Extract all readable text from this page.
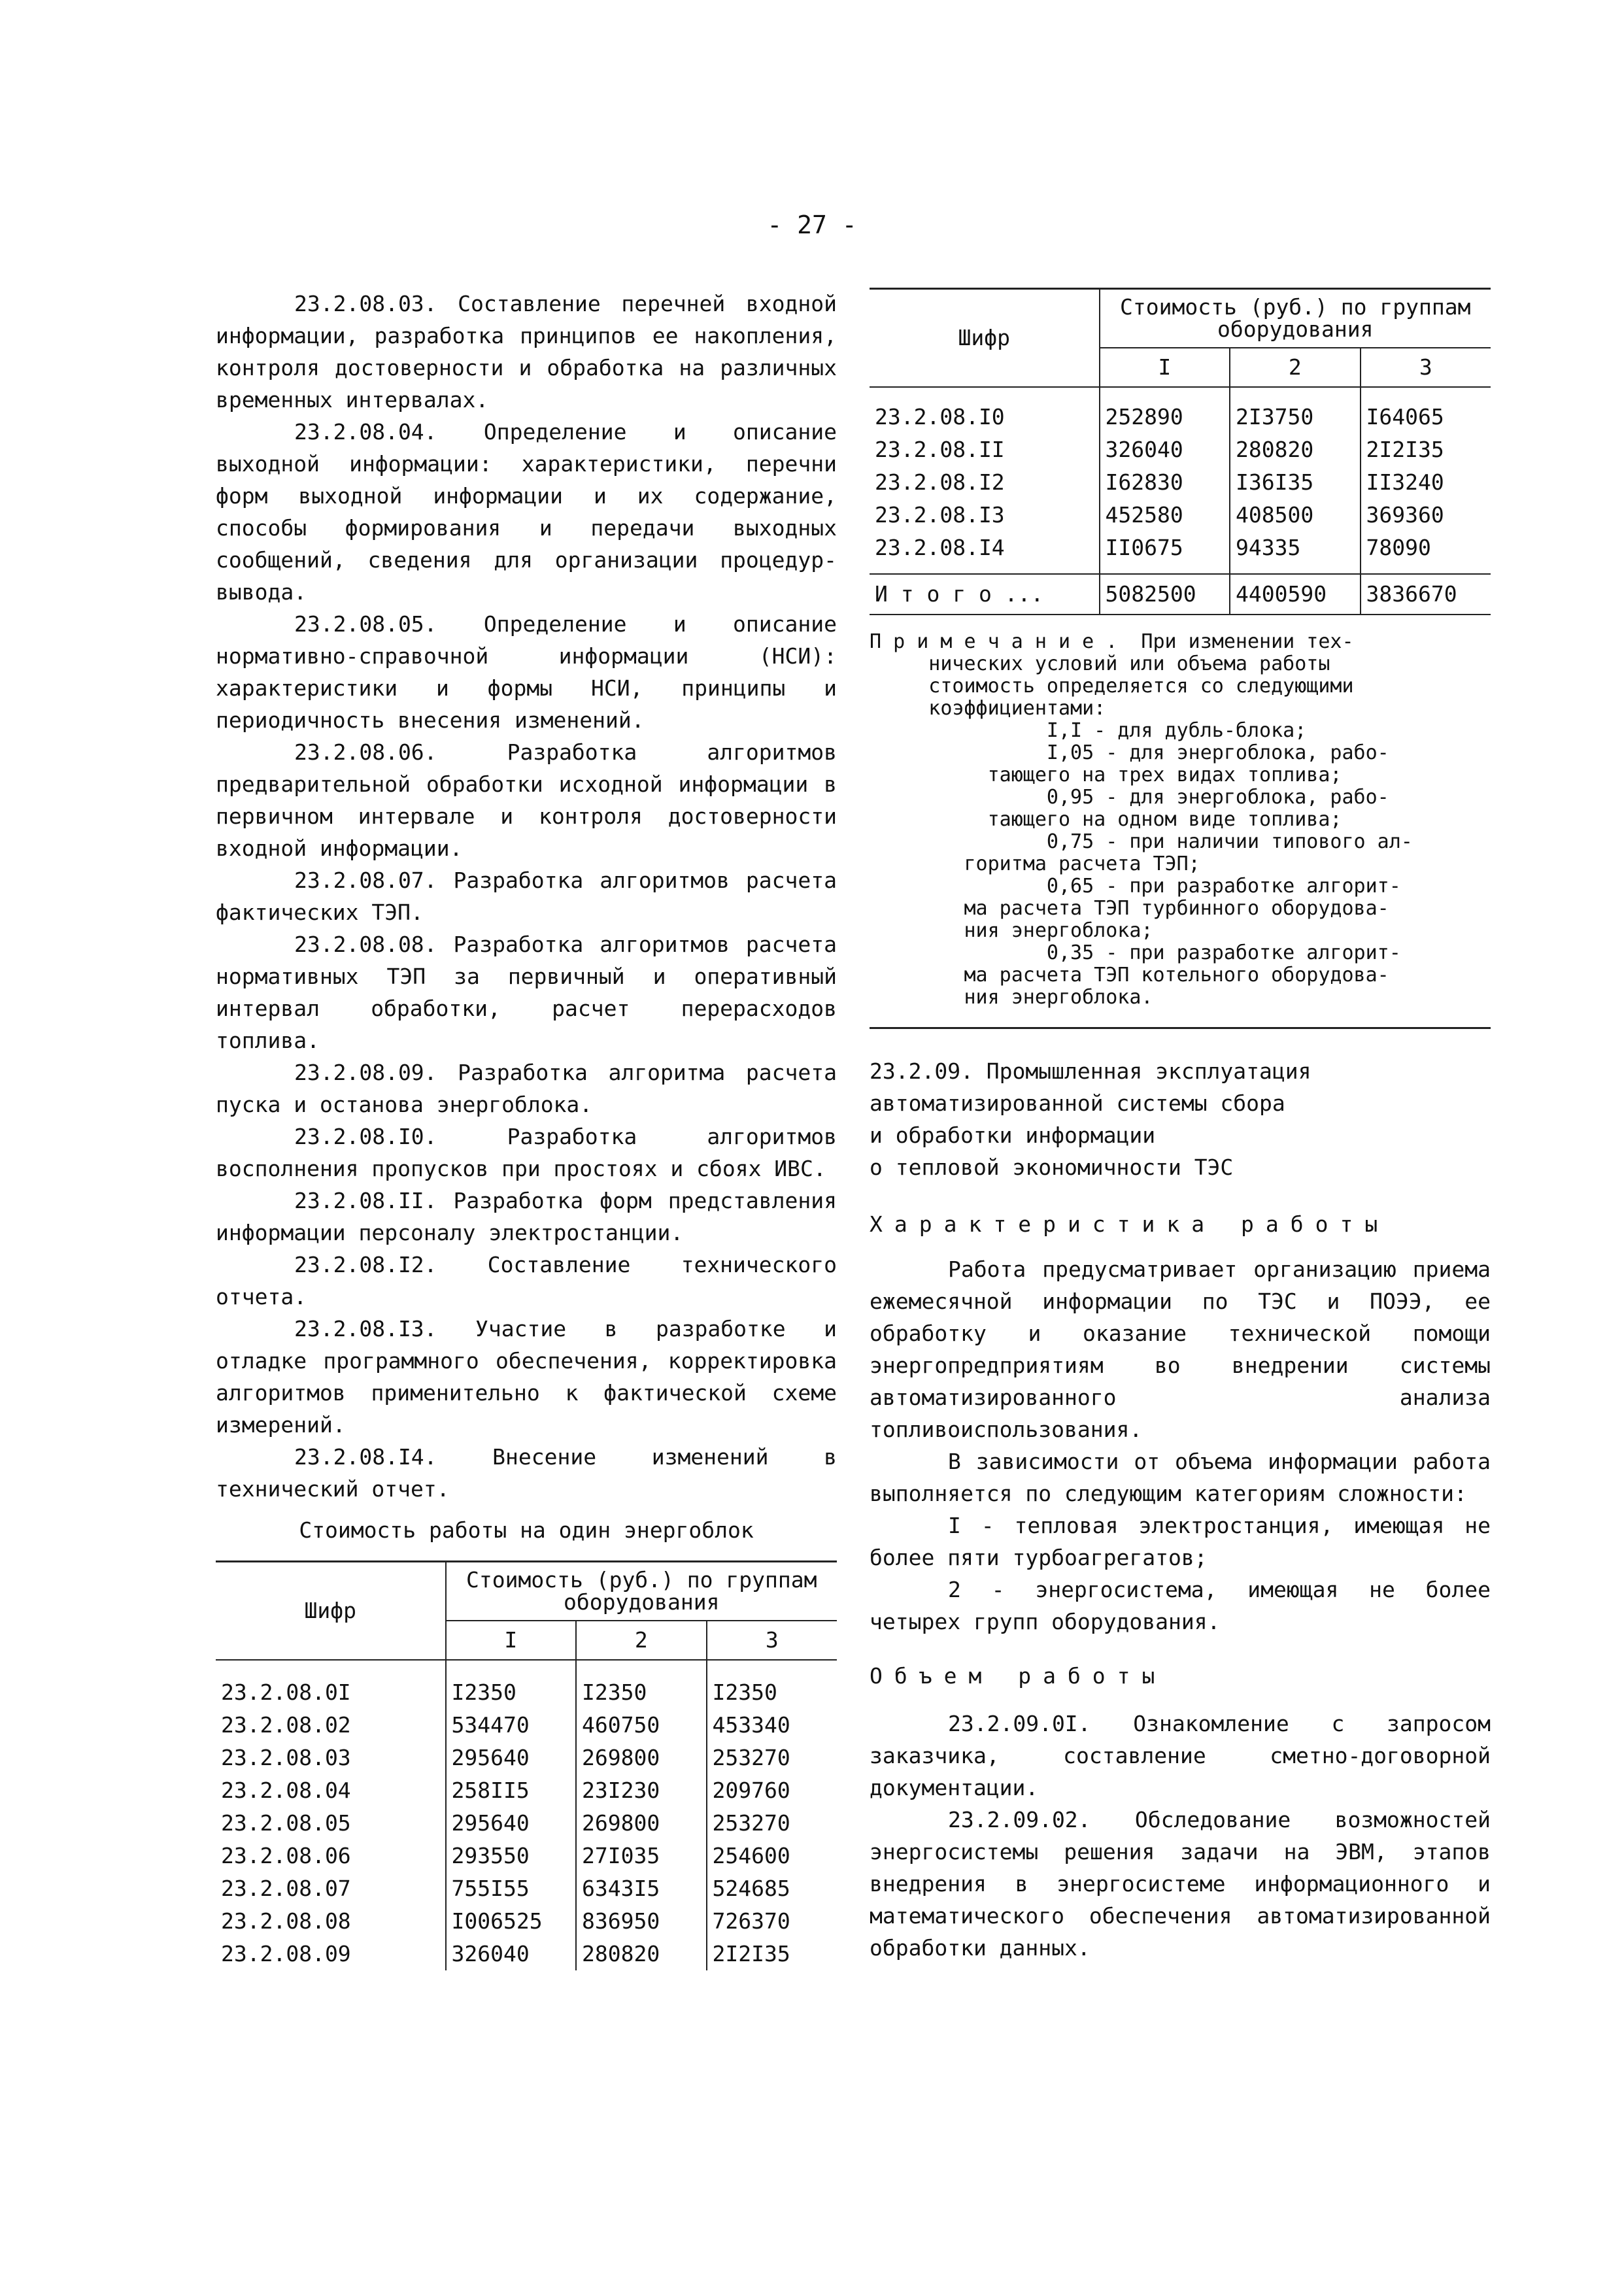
- 27 -

23.2.08.03. Составление перечней входной информации, разработка принципов ее накопления, контроля достоверности и обработка на различных временных интервалах.

23.2.08.04. Определение и описание выходной информации: характеристики, перечни форм выходной информации и их содержание, способы формирования и передачи выходных сообщений, сведения для организации процедур-вывода.

23.2.08.05. Определение и описание нормативно-справочной информации (НСИ): характеристики и формы НСИ, принципы и периодичность внесения изменений.

23.2.08.06. Разработка алгоритмов предварительной обработки исходной информации в первичном интервале и контроля достоверности входной информации.

23.2.08.07. Разработка алгоритмов расчета фактических ТЭП.

23.2.08.08. Разработка алгоритмов расчета нормативных ТЭП за первичный и оперативный интервал обработки, расчет перерасходов топлива.

23.2.08.09. Разработка алгоритма расчета пуска и останова энергоблока.

23.2.08.I0. Разработка алгоритмов восполнения пропусков при простоях и сбоях ИВС.

23.2.08.II. Разработка форм представления информации персоналу электростанции.

23.2.08.I2. Составление технического отчета.

23.2.08.I3. Участие в разработке и отладке программного обеспечения, корректировка алгоритмов применительно к фактической схеме измерений.

23.2.08.I4. Внесение изменений в технический отчет.

Стоимость работы на один энергоблок

Шифр	Стоимость (руб.) по группам оборудования		
	I	2	3

23.2.08.0I	I2350	I2350	I2350
23.2.08.02	534470	460750	453340
23.2.08.03	295640	269800	253270
23.2.08.04	258II5	23I230	209760
23.2.08.05	295640	269800	253270
23.2.08.06	293550	27I035	254600
23.2.08.07	755I55	6343I5	524685
23.2.08.08	I006525	836950	726370
23.2.08.09	326040	280820	2I2I35
Шифр	Стоимость (руб.) по группам оборудования		
	I	2	3

23.2.08.I0	252890	2I3750	I64065
23.2.08.II	326040	280820	2I2I35
23.2.08.I2	I62830	I36I35	II3240
23.2.08.I3	452580	408500	369360
23.2.08.I4	II0675	94335	78090

И т о г о ...	5082500	4400590	3836670
П р и м е ч а н и е .  При изменении тех-
нических условий или объема работы
стоимость определяется со следующими
коэффициентами:
I,I - для дубль-блока;
I,05 - для энергоблока, рабо-
тающего на трех видах топлива;
0,95 - для энергоблока, рабо-
тающего на одном виде топлива;
0,75 - при наличии типового ал-
горитма расчета ТЭП;
0,65 - при разработке алгорит-
ма расчета ТЭП турбинного оборудова-
ния энергоблока;
0,35 - при разработке алгорит-
ма расчета ТЭП котельного оборудова-
ния энергоблока.

23.2.09. Промышленная эксплуатация

автоматизированной системы сбора

и обработки информации

о тепловой экономичности ТЭС

Характеристика работы

Работа предусматривает организацию приема ежемесячной информации по ТЭС и ПОЭЭ, ее обработку и оказание технической помощи энергопредприятиям во внедрении системы автоматизированного анализа топливоиспользования.

В зависимости от объема информации работа выполняется по следующим категориям сложности:

I - тепловая электростанция, имеющая не более пяти турбоагрегатов;

2 - энергосистема, имеющая не более четырех групп оборудования.

Объем работы

23.2.09.0I. Ознакомление с запросом заказчика, составление сметно-договорной документации.

23.2.09.02. Обследование возможностей энергосистемы решения задачи на ЭВМ, этапов внедрения в энергосистеме информационного и математического обеспечения автоматизированной обработки данных.
